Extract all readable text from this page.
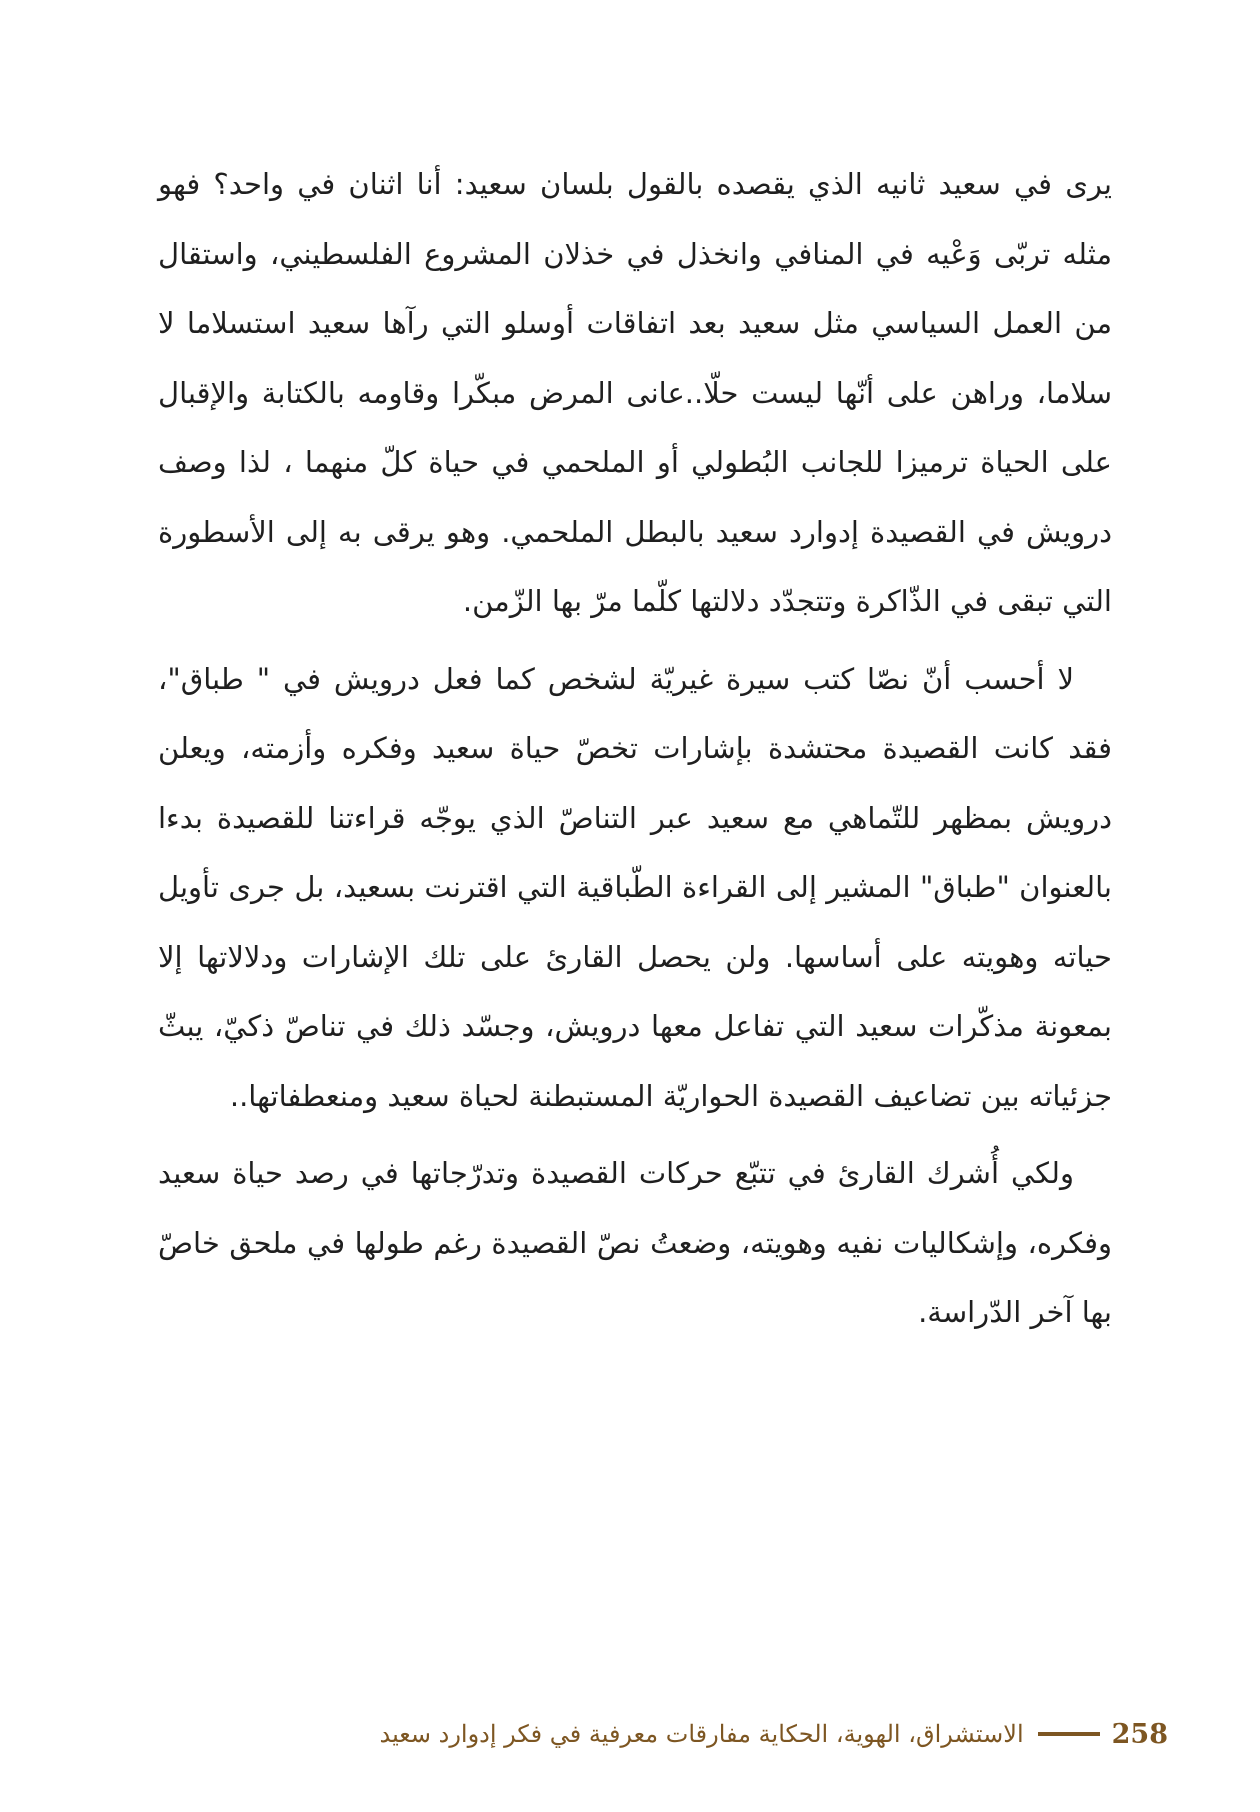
يرى في سعيد ثانيه الذي يقصده بالقول بلسان سعيد: أنا اثنان في واحد؟ فهو مثله تربّى وَعْيه في المنافي وانخذل في خذلان المشروع الفلسطيني، واستقال من العمل السياسي مثل سعيد بعد اتفاقات أوسلو التي رآها سعيد استسلاما لا سلاما، وراهن على أنّها ليست حلّا..عانى المرض مبكّرا وقاومه بالكتابة والإقبال على الحياة ترميزا للجانب البُطولي أو الملحمي في حياة كلّ منهما ، لذا وصف درويش في القصيدة إدوارد سعيد بالبطل الملحمي. وهو يرقى به إلى الأسطورة التي تبقى في الذّاكرة وتتجدّد دلالتها كلّما مرّ بها الزّمن.

لا أحسب أنّ نصّا كتب سيرة غيريّة لشخص كما فعل درويش في " طباق"، فقد كانت القصيدة محتشدة بإشارات تخصّ حياة سعيد وفكره وأزمته، ويعلن درويش بمظهر للتّماهي مع سعيد عبر التناصّ الذي يوجّه قراءتنا للقصيدة بدءا بالعنوان "طباق" المشير إلى القراءة الطّباقية التي اقترنت بسعيد، بل جرى تأويل حياته وهويته على أساسها. ولن يحصل القارئ على تلك الإشارات ودلالاتها إلا بمعونة مذكّرات سعيد التي تفاعل معها درويش، وجسّد ذلك في تناصّ ذكيّ، يبثّ جزئياته بين تضاعيف القصيدة الحواريّة المستبطنة لحياة سعيد ومنعطفاتها..

ولكي أُشرك القارئ في تتبّع حركات القصيدة وتدرّجاتها في رصد حياة سعيد وفكره، وإشكاليات نفيه وهويته، وضعتُ نصّ القصيدة رغم طولها في ملحق خاصّ بها آخر الدّراسة.

الاستشراق، الهوية، الحكاية مفارقات معرفية في فكر إدوارد سعيد	258
